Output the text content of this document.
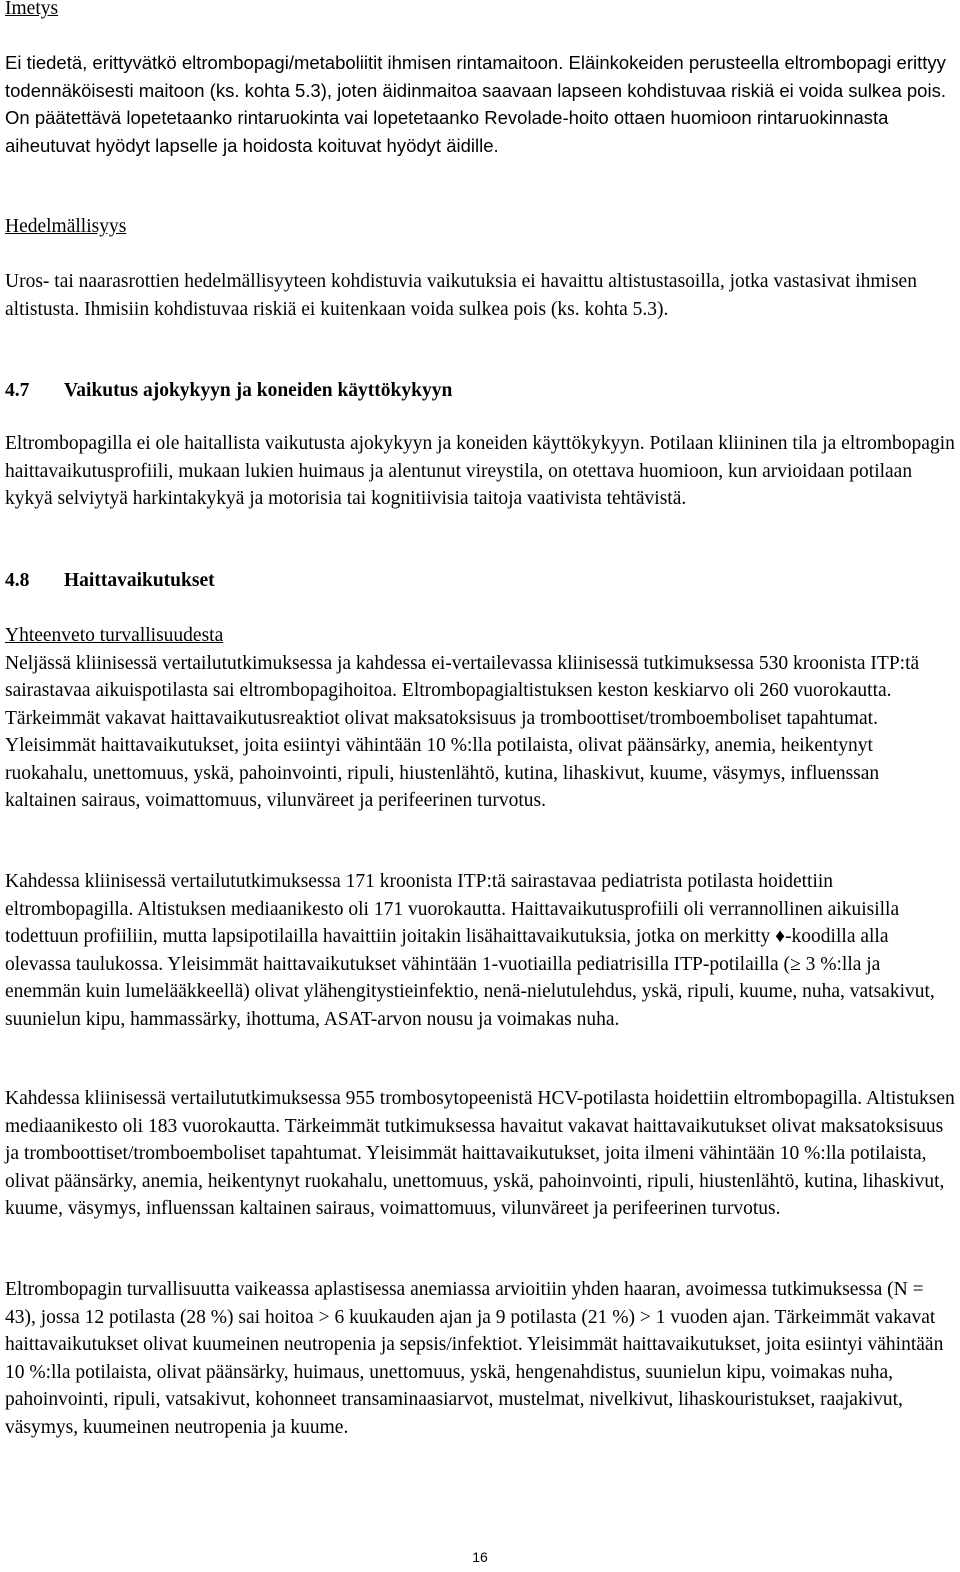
Imetys

Ei tiedetä, erittyvätkö eltrombopagi/metaboliitit ihmisen rintamaitoon. Eläinkokeiden perusteella eltrombopagi erittyy todennäköisesti maitoon (ks. kohta 5.3), joten äidinmaitoa saavaan lapseen kohdistuvaa riskiä ei voida sulkea pois. On päätettävä lopetetaanko rintaruokinta vai lopetetaanko Revolade-hoito ottaen huomioon rintaruokinnasta aiheutuvat hyödyt lapselle ja hoidosta koituvat hyödyt äidille.

Hedelmällisyys

Uros- tai naarasrottien hedelmällisyyteen kohdistuvia vaikutuksia ei havaittu altistustasoilla, jotka vastasivat ihmisen altistusta. Ihmisiin kohdistuvaa riskiä ei kuitenkaan voida sulkea pois (ks. kohta 5.3).

4.7 Vaikutus ajokykyyn ja koneiden käyttökykyyn

Eltrombopagilla ei ole haitallista vaikutusta ajokykyyn ja koneiden käyttökykyyn. Potilaan kliininen tila ja eltrombopagin haittavaikutusprofiili, mukaan lukien huimaus ja alentunut vireystila, on otettava huomioon, kun arvioidaan potilaan kykyä selviytyä harkintakykyä ja motorisia tai kognitiivisia taitoja vaativista tehtävistä.

4.8 Haittavaikutukset

Yhteenveto turvallisuudesta

Neljässä kliinisessä vertailututkimuksessa ja kahdessa ei-vertailevassa kliinisessä tutkimuksessa 530 kroonista ITP:tä sairastavaa aikuispotilasta sai eltrombopagihoitoa. Eltrombopagialtistuksen keston keskiarvo oli 260 vuorokautta. Tärkeimmät vakavat haittavaikutusreaktiot olivat maksatoksisuus ja tromboottiset/tromboemboliset tapahtumat. Yleisimmät haittavaikutukset, joita esiintyi vähintään 10 %:lla potilaista, olivat päänsärky, anemia, heikentynyt ruokahalu, unettomuus, yskä, pahoinvointi, ripuli, hiustenlähtö, kutina, lihaskivut, kuume, väsymys, influenssan kaltainen sairaus, voimattomuus, vilunväreet ja perifeerinen turvotus.

Kahdessa kliinisessä vertailututkimuksessa 171 kroonista ITP:tä sairastavaa pediatrista potilasta hoidettiin eltrombopagilla. Altistuksen mediaanikesto oli 171 vuorokautta. Haittavaikutusprofiili oli verrannollinen aikuisilla todettuun profiiliin, mutta lapsipotilailla havaittiin joitakin lisähaittavaikutuksia, jotka on merkitty ♦-koodilla alla olevassa taulukossa. Yleisimmät haittavaikutukset vähintään 1-vuotiailla pediatrisilla ITP-potilailla (≥ 3 %:lla ja enemmän kuin lumelääkkeellä) olivat ylähengitystieinfektio, nenä-nielutulehdus, yskä, ripuli, kuume, nuha, vatsakivut, suunielun kipu, hammassärky, ihottuma, ASAT-arvon nousu ja voimakas nuha.

Kahdessa kliinisessä vertailututkimuksessa 955 trombosytopeenistä HCV-potilasta hoidettiin eltrombopagilla. Altistuksen mediaanikesto oli 183 vuorokautta. Tärkeimmät tutkimuksessa havaitut vakavat haittavaikutukset olivat maksatoksisuus ja tromboottiset/tromboemboliset tapahtumat. Yleisimmät haittavaikutukset, joita ilmeni vähintään 10 %:lla potilaista, olivat päänsärky, anemia, heikentynyt ruokahalu, unettomuus, yskä, pahoinvointi, ripuli, hiustenlähtö, kutina, lihaskivut, kuume, väsymys, influenssan kaltainen sairaus, voimattomuus, vilunväreet ja perifeerinen turvotus.

Eltrombopagin turvallisuutta vaikeassa aplastisessa anemiassa arvioitiin yhden haaran, avoimessa tutkimuksessa (N = 43), jossa 12 potilasta (28 %) sai hoitoa > 6 kuukauden ajan ja 9 potilasta (21 %) > 1 vuoden ajan. Tärkeimmät vakavat haittavaikutukset olivat kuumeinen neutropenia ja sepsis/infektiot. Yleisimmät haittavaikutukset, joita esiintyi vähintään 10 %:lla potilaista, olivat päänsärky, huimaus, unettomuus, yskä, hengenahdistus, suunielun kipu, voimakas nuha, pahoinvointi, ripuli, vatsakivut, kohonneet transaminaasiarvot, mustelmat, nivelkivut, lihaskouristukset, raajakivut, väsymys, kuumeinen neutropenia ja kuume.

16
